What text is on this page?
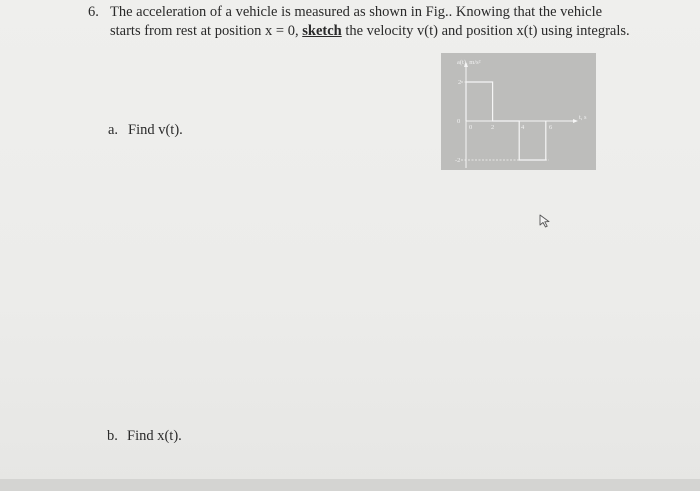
6. The acceleration of a vehicle is measured as shown in Fig.. Knowing that the vehicle
starts from rest at position x = 0, sketch the velocity v(t) and position x(t) using integrals.
a. Find v(t).
b. Find x(t).
a(t), m/s²
t, s
2
0
-2
0	2	4	6
